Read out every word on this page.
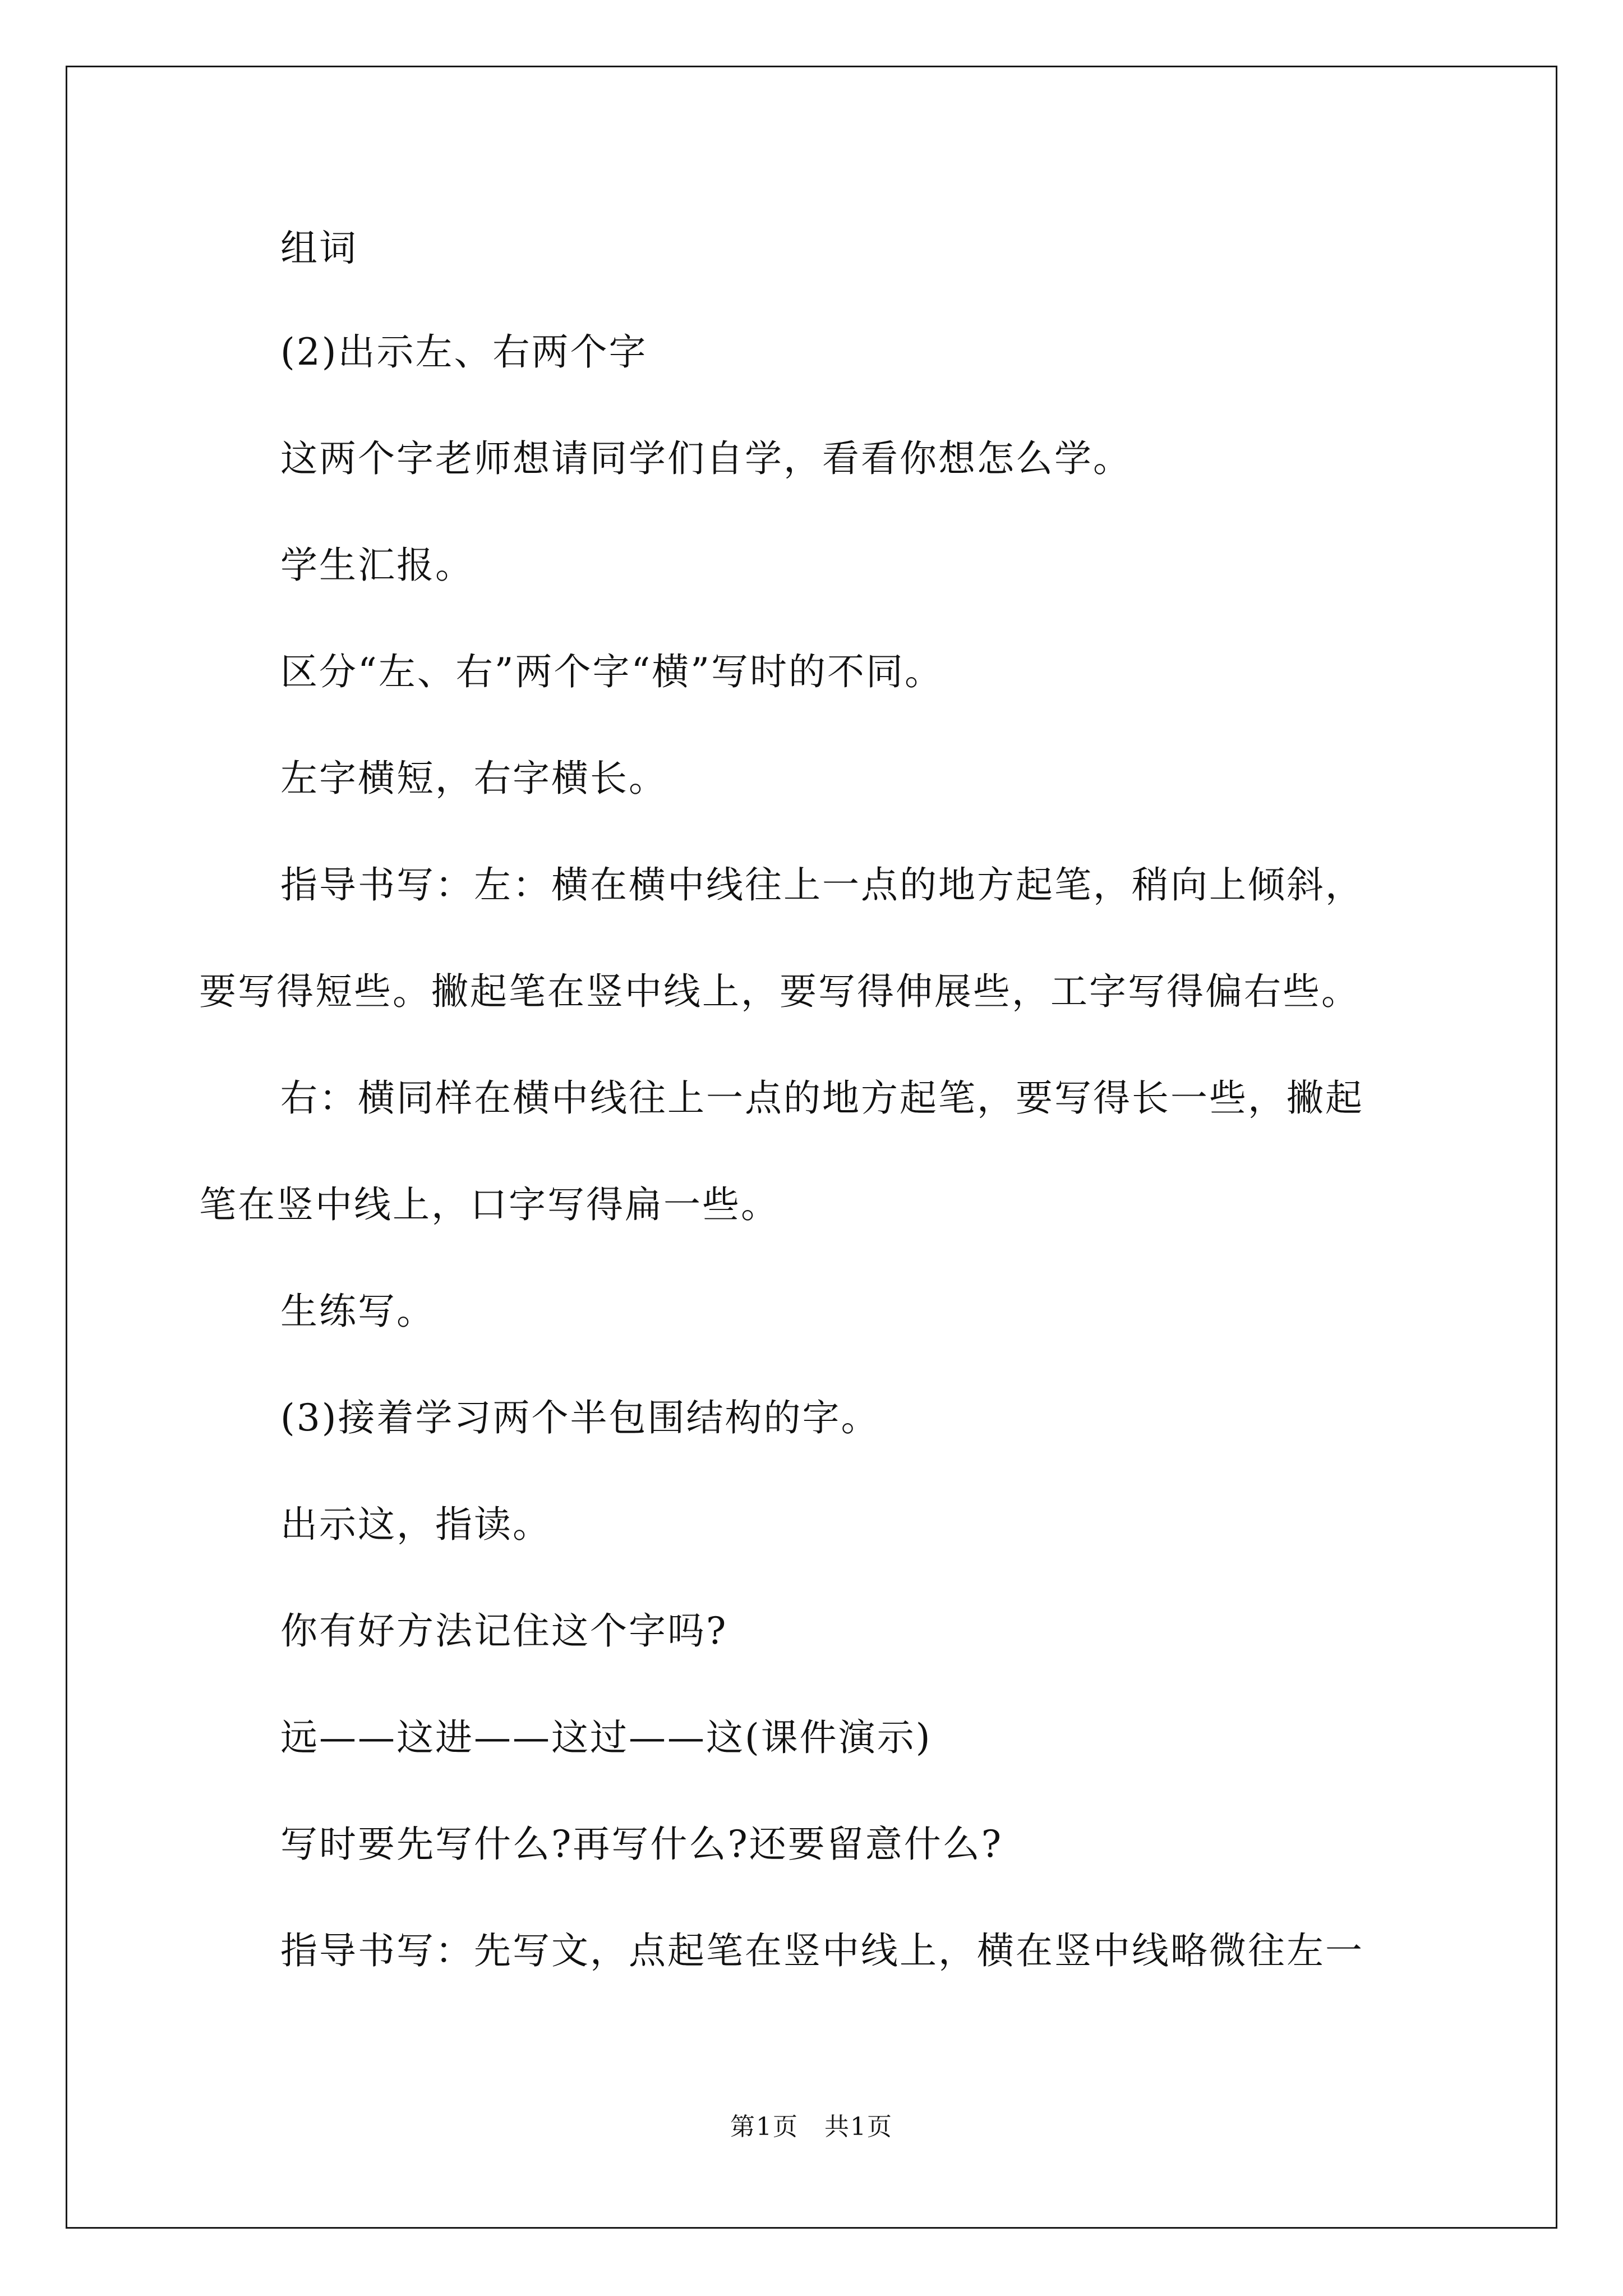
组词

(2)出示左、右两个字

这两个字老师想请同学们自学，看看你想怎么学。

学生汇报。

区分“左、右”两个字“横”写时的不同。

左字横短，右字横长。

指导书写：左：横在横中线往上一点的地方起笔，稍向上倾斜，

要写得短些。撇起笔在竖中线上，要写得伸展些，工字写得偏右些。

右：横同样在横中线往上一点的地方起笔，要写得长一些，撇起

笔在竖中线上，口字写得扁一些。

生练写。

(3)接着学习两个半包围结构的字。

出示这，指读。

你有好方法记住这个字吗?

远——这进——这过——这(课件演示)

写时要先写什么?再写什么?还要留意什么?

指导书写：先写文，点起笔在竖中线上，横在竖中线略微往左一

第1页　共1页
